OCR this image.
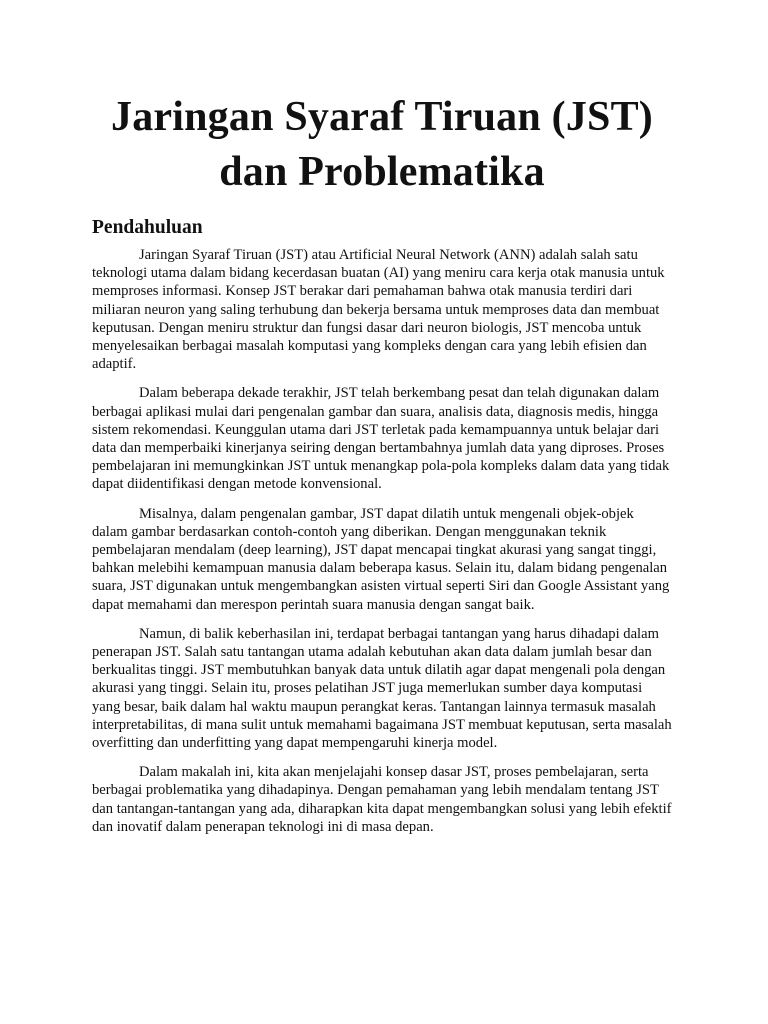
Jaringan Syaraf Tiruan (JST) dan Problematika
Pendahuluan

Jaringan Syaraf Tiruan (JST) atau Artificial Neural Network (ANN) adalah salah satu teknologi utama dalam bidang kecerdasan buatan (AI) yang meniru cara kerja otak manusia untuk memproses informasi. Konsep JST berakar dari pemahaman bahwa otak manusia terdiri dari miliaran neuron yang saling terhubung dan bekerja bersama untuk memproses data dan membuat keputusan. Dengan meniru struktur dan fungsi dasar dari neuron biologis, JST mencoba untuk menyelesaikan berbagai masalah komputasi yang kompleks dengan cara yang lebih efisien dan adaptif.

Dalam beberapa dekade terakhir, JST telah berkembang pesat dan telah digunakan dalam berbagai aplikasi mulai dari pengenalan gambar dan suara, analisis data, diagnosis medis, hingga sistem rekomendasi. Keunggulan utama dari JST terletak pada kemampuannya untuk belajar dari data dan memperbaiki kinerjanya seiring dengan bertambahnya jumlah data yang diproses. Proses pembelajaran ini memungkinkan JST untuk menangkap pola-pola kompleks dalam data yang tidak dapat diidentifikasi dengan metode konvensional.

Misalnya, dalam pengenalan gambar, JST dapat dilatih untuk mengenali objek-objek dalam gambar berdasarkan contoh-contoh yang diberikan. Dengan menggunakan teknik pembelajaran mendalam (deep learning), JST dapat mencapai tingkat akurasi yang sangat tinggi, bahkan melebihi kemampuan manusia dalam beberapa kasus. Selain itu, dalam bidang pengenalan suara, JST digunakan untuk mengembangkan asisten virtual seperti Siri dan Google Assistant yang dapat memahami dan merespon perintah suara manusia dengan sangat baik.

Namun, di balik keberhasilan ini, terdapat berbagai tantangan yang harus dihadapi dalam penerapan JST. Salah satu tantangan utama adalah kebutuhan akan data dalam jumlah besar dan berkualitas tinggi. JST membutuhkan banyak data untuk dilatih agar dapat mengenali pola dengan akurasi yang tinggi. Selain itu, proses pelatihan JST juga memerlukan sumber daya komputasi yang besar, baik dalam hal waktu maupun perangkat keras. Tantangan lainnya termasuk masalah interpretabilitas, di mana sulit untuk memahami bagaimana JST membuat keputusan, serta masalah overfitting dan underfitting yang dapat mempengaruhi kinerja model.

Dalam makalah ini, kita akan menjelajahi konsep dasar JST, proses pembelajaran, serta berbagai problematika yang dihadapinya. Dengan pemahaman yang lebih mendalam tentang JST dan tantangan-tantangan yang ada, diharapkan kita dapat mengembangkan solusi yang lebih efektif dan inovatif dalam penerapan teknologi ini di masa depan.
